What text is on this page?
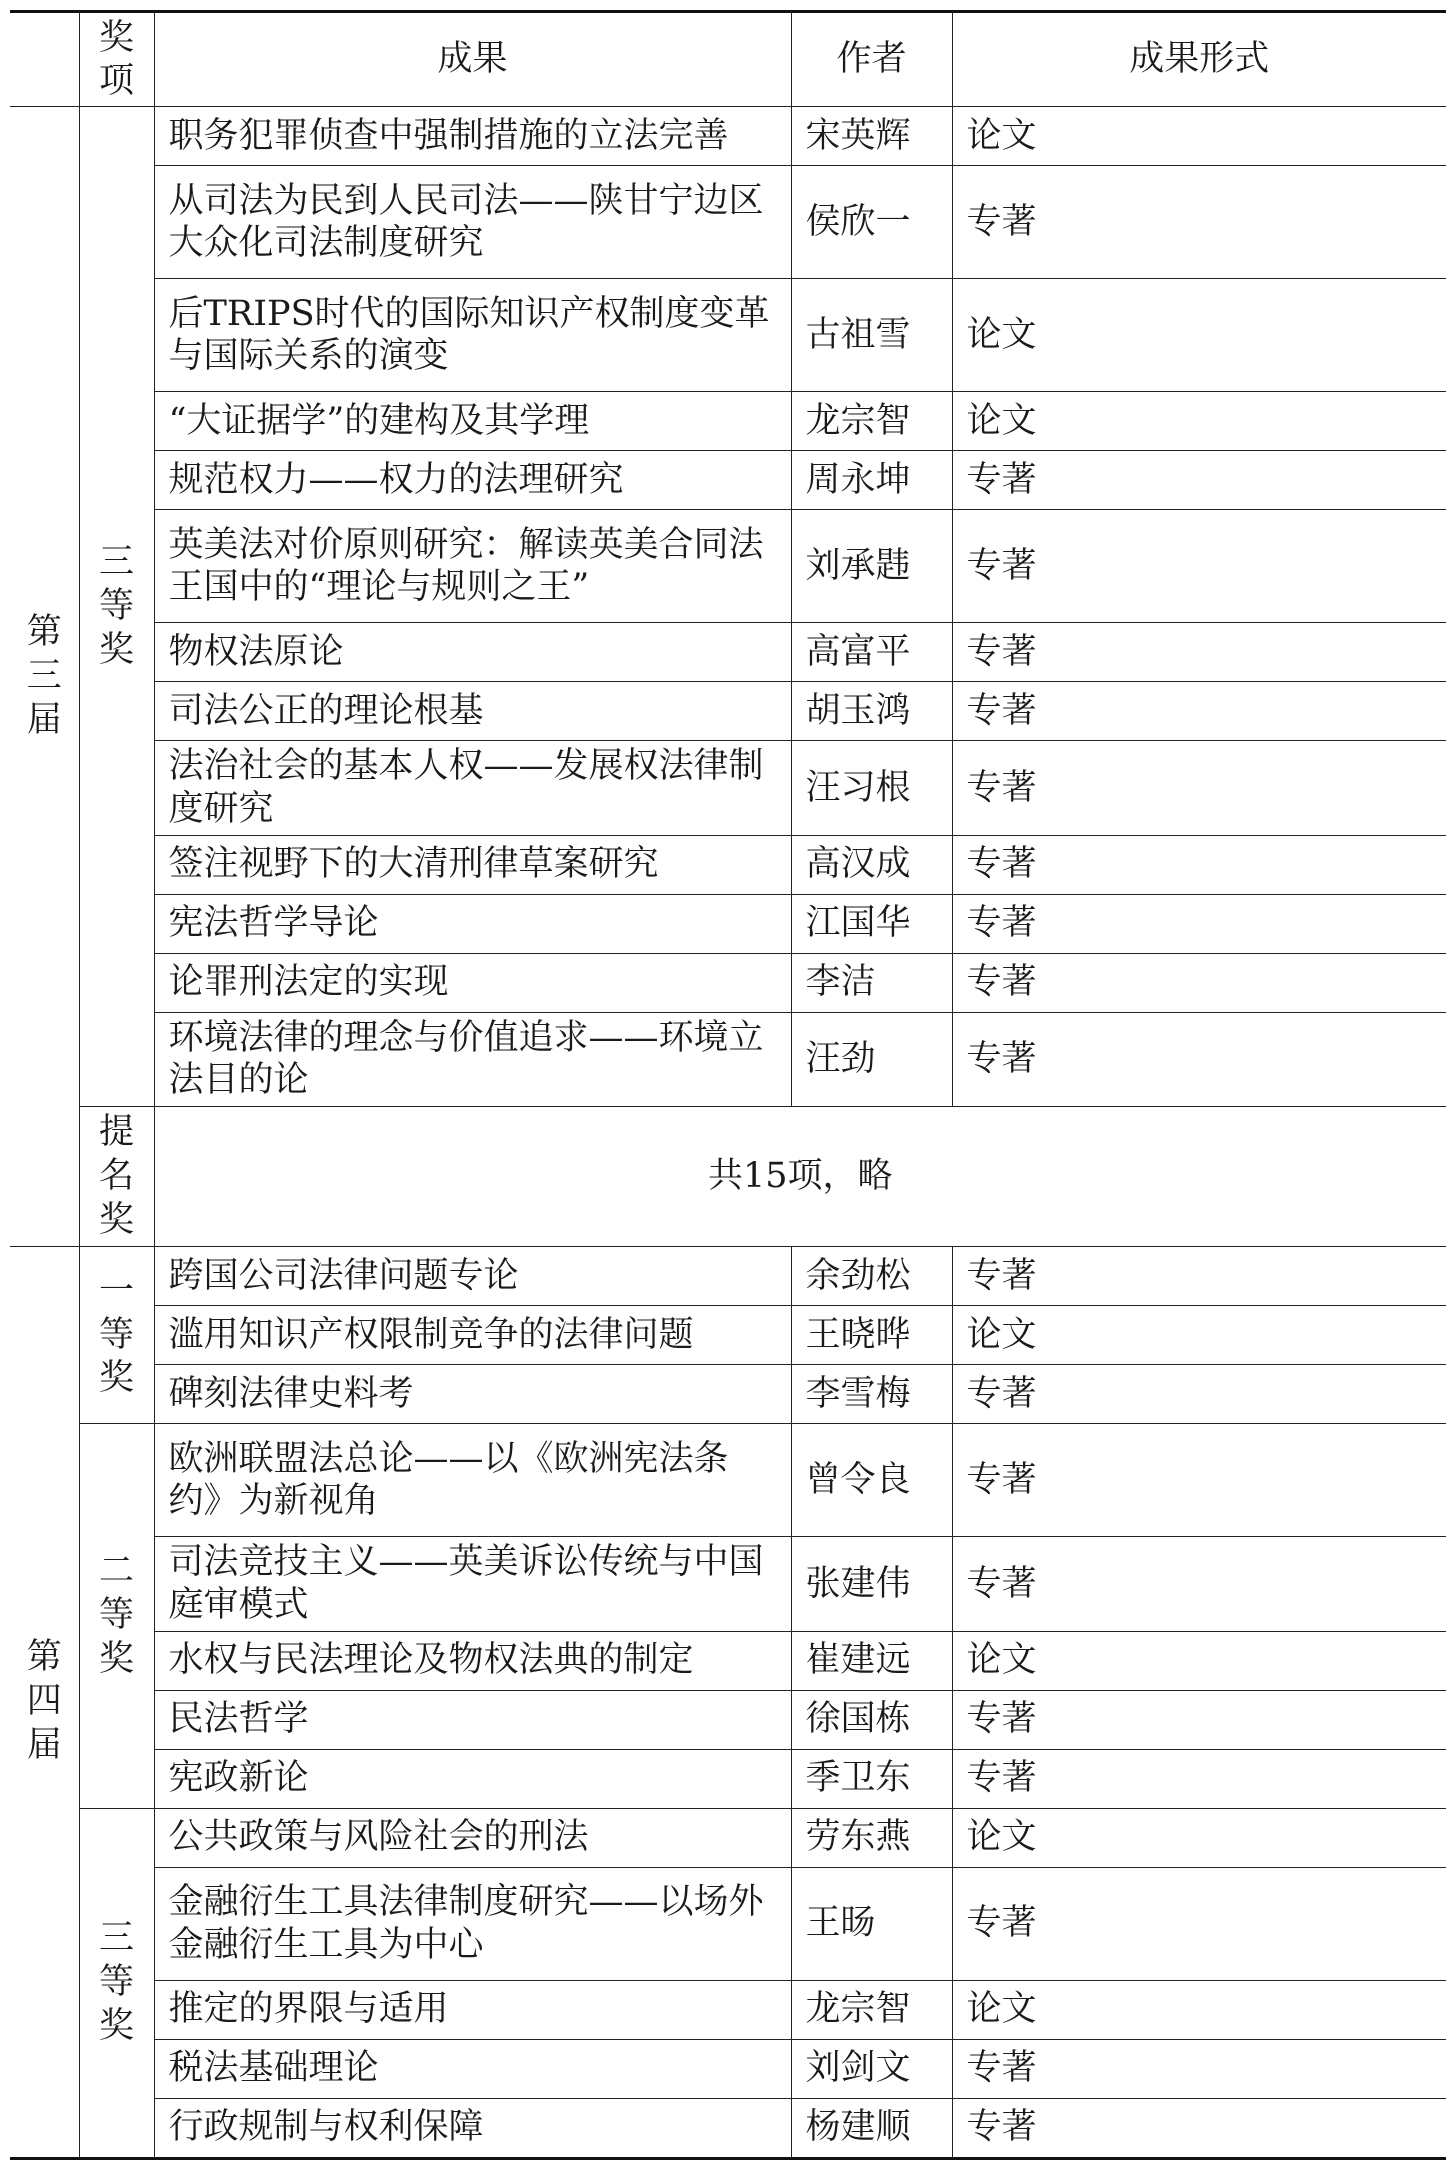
	奖项	成果	作者	成果形式
第三届	三等奖	职务犯罪侦查中强制措施的立法完善	宋英辉	论文
		从司法为民到人民司法——陕甘宁边区大众化司法制度研究	侯欣一	专著
		后TRIPS时代的国际知识产权制度变革与国际关系的演变	古祖雪	论文
		“大证据学”的建构及其学理	龙宗智	论文
		规范权力——权力的法理研究	周永坤	专著
		英美法对价原则研究：解读英美合同法王国中的“理论与规则之王”	刘承韪	专著
		物权法原论	高富平	专著
		司法公正的理论根基	胡玉鸿	专著
		法治社会的基本人权——发展权法律制度研究	汪习根	专著
		签注视野下的大清刑律草案研究	高汉成	专著
		宪法哲学导论	江国华	专著
		论罪刑法定的实现	李洁	专著
		环境法律的理念与价值追求——环境立法目的论	汪劲	专著
	提名奖	共15项，略		
第四届	一等奖	跨国公司法律问题专论	余劲松	专著
		滥用知识产权限制竞争的法律问题	王晓晔	论文
		碑刻法律史料考	李雪梅	专著
	二等奖	欧洲联盟法总论——以《欧洲宪法条约》为新视角	曾令良	专著
		司法竞技主义——英美诉讼传统与中国庭审模式	张建伟	专著
		水权与民法理论及物权法典的制定	崔建远	论文
		民法哲学	徐国栋	专著
		宪政新论	季卫东	专著
	三等奖	公共政策与风险社会的刑法	劳东燕	论文
		金融衍生工具法律制度研究——以场外金融衍生工具为中心	王旸	专著
		推定的界限与适用	龙宗智	论文
		税法基础理论	刘剑文	专著
		行政规制与权利保障	杨建顺	专著
